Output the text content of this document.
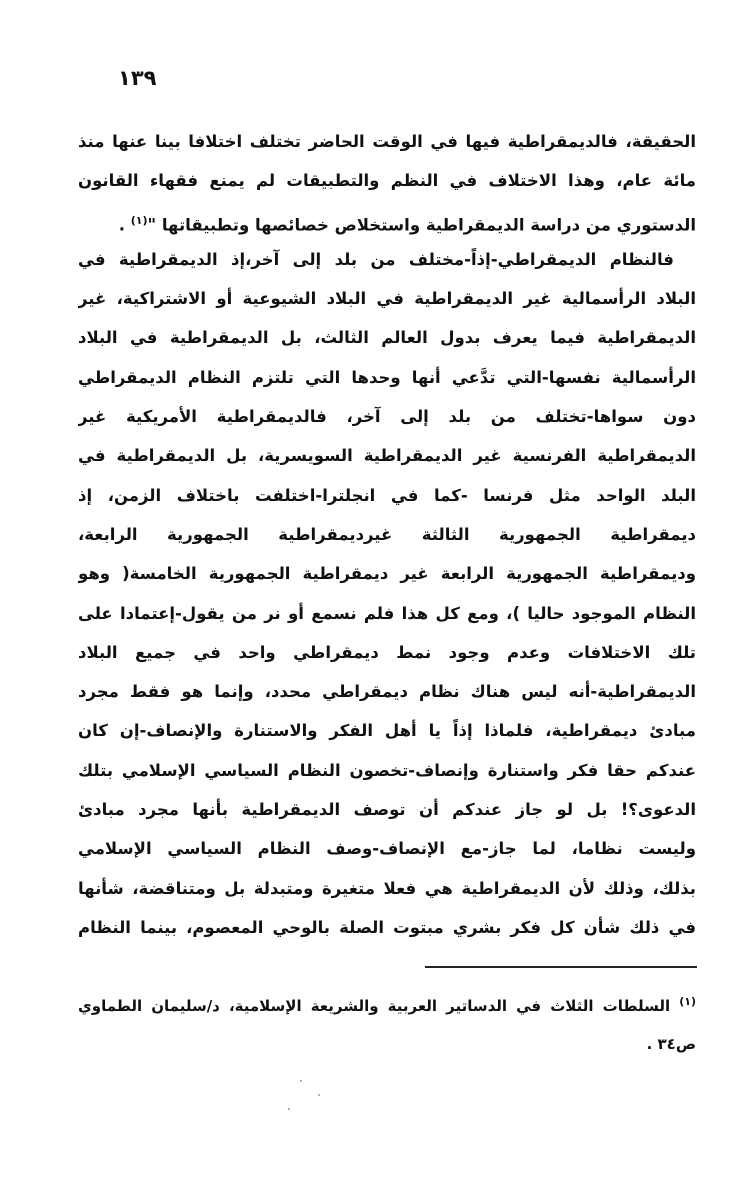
١٣٩
الحقيقة، فالديمقراطية فيها في الوقت الحاضر تختلف اختلافا بينا عنها منذ
مائة عام، وهذا الاختلاف في النظم والتطبيقات لم يمنع فقهاء القانون
الدستوري من دراسة الديمقراطية واستخلاص خصائصها وتطبيقاتها "$^{(١)}$ .
فالنظام الديمقراطي-إذاً-مختلف من بلد إلى آخر،إذ الديمقراطية في
البلاد الرأسمالية غير الديمقراطية في البلاد الشيوعية أو الاشتراكية، غير
الديمقراطية فيما يعرف بدول العالم الثالث، بل الديمقراطية في البلاد
الرأسمالية نفسها-التي تدَّعي أنها وحدها التي تلتزم النظام الديمقراطي
دون سواها-تختلف من بلد إلى آخر، فالديمقراطية الأمريكية غير
الديمقراطية الفرنسية غير الديمقراطية السويسرية، بل الديمقراطية في
البلد الواحد مثل فرنسا -كما في انجلترا-اختلفت باختلاف الزمن، إذ
ديمقراطية الجمهورية الثالثة غيرديمقراطية الجمهورية الرابعة،
وديمقراطية الجمهورية الرابعة غير ديمقراطية الجمهورية الخامسة( وهو
النظام الموجود حاليا )، ومع كل هذا فلم نسمع أو نر من يقول-إعتمادا على
تلك الاختلافات وعدم وجود نمط ديمقراطي واحد في جميع البلاد
الديمقراطية-أنه ليس هناك نظام ديمقراطي محدد، وإنما هو فقط مجرد
مبادئ ديمقراطية، فلماذا إذاً يا أهل الفكر والاستنارة والإنصاف-إن كان
عندكم حقا فكر واستنارة وإنصاف-تخصون النظام السياسي الإسلامي بتلك
الدعوى؟! بل لو جاز عندكم أن توصف الديمقراطية بأنها مجرد مبادئ
وليست نظاما، لما جاز-مع الإنصاف-وصف النظام السياسي الإسلامي
بذلك، وذلك لأن الديمقراطية هي فعلا متغيرة ومتبدلة بل ومتناقضة، شأنها
في ذلك شأن كل فكر بشري مبتوت الصلة بالوحي المعصوم، بينما النظام
$^{(١)}$ السلطات الثلاث في الدساتير العربية والشريعة الإسلامية، د/سليمان الطماوي
ص٣٤ .
